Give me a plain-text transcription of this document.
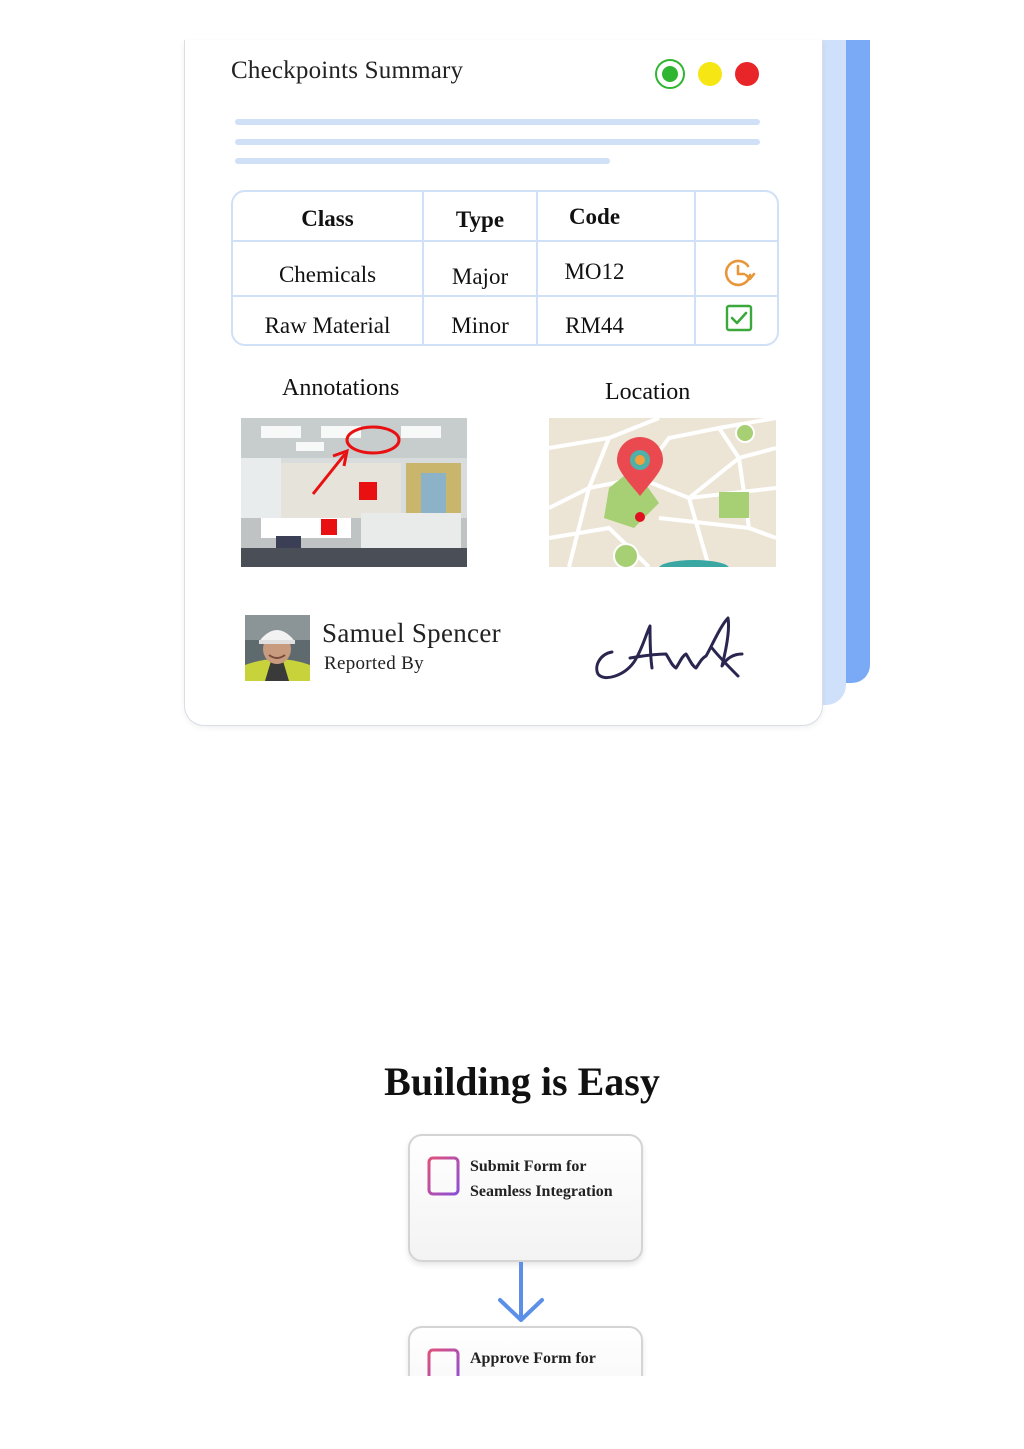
Checkpoints Summary
Class	Type	Code
Chemicals	Major	MO12
Raw Material	Minor	RM44
Annotations	Location
Samuel Spencer
Reported By
Building is Easy
Submit Form for Seamless Integration
Approve Form for
